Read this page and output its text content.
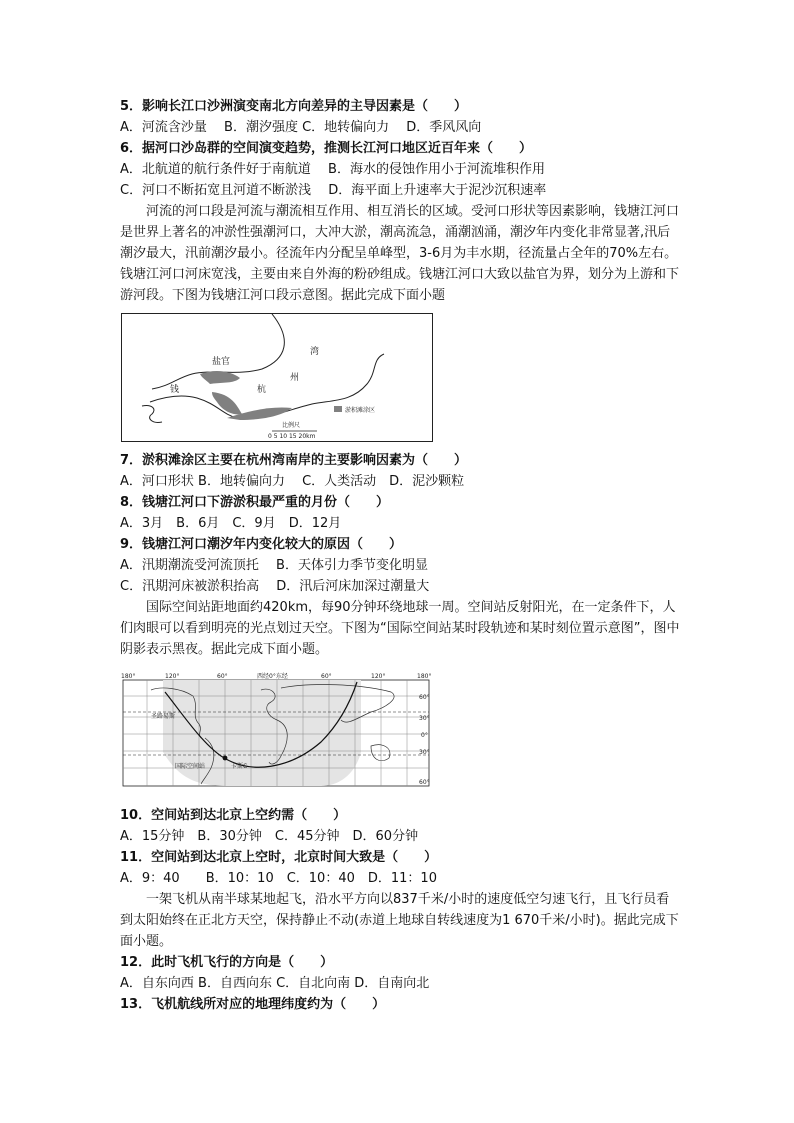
5．影响长江口沙洲演变南北方向差异的主导因素是（　　）
A．河流含沙量　 B．潮汐强度 C．地转偏向力　 D．季风风向
6．据河口沙岛群的空间演变趋势，推测长江河口地区近百年来（　　）
A．北航道的航行条件好于南航道　 B．海水的侵蚀作用小于河流堆积作用
C．河口不断拓宽且河道不断淤浅　 D．海平面上升速率大于泥沙沉积速率
河流的河口段是河流与潮流相互作用、相互消长的区域。受河口形状等因素影响，钱塘江河口是世界上著名的冲淤性强潮河口，大冲大淤，潮高流急，涌潮汹涌，潮汐年内变化非常显著,汛后潮汐最大，汛前潮汐最小。径流年内分配呈单峰型，3-6月为丰水期，径流量占全年的70%左右。钱塘江河口河床宽浅，主要由来自外海的粉砂组成。钱塘江河口大致以盐官为界，划分为上游和下游河段。下图为钱塘江河口段示意图。据此完成下面小题
盐官
钱	杭
州
湾
淤积滩涂区
比例尺
0 5 10 15 20km
7．淤积滩涂区主要在杭州湾南岸的主要影响因素为（　　）
A．河口形状 B．地转偏向力　 C．人类活动　D．泥沙颗粒
8．钱塘江河口下游淤积最严重的月份（　　）
A．3月　B．6月　C．9月　D．12月
9．钱塘江河口潮汐年内变化较大的原因（　　）
A．汛期潮流受河流顶托　 B．天体引力季节变化明显
C．汛期河床被淤积抬高　 D．汛后河床加深过潮量大
国际空间站距地面约420km，每90分钟环绕地球一周。空间站反射阳光，在一定条件下，人们肉眼可以看到明亮的光点划过天空。下图为“国际空间站某时段轨迹和某时刻位置示意图”，图中阴影表示黑夜。据此完成下面小题。
180°	120°	60°	西经0°东经	60°	120°	180°
60°
30°
0°
30°
60°
圣路易斯
国际空间站	卡斯C
10．空间站到达北京上空约需（　　）
A．15分钟　B．30分钟　C．45分钟　D．60分钟
11．空间站到达北京上空时，北京时间大致是（　　）
A．9：40　　B．10：10　C．10：40　D．11：10
一架飞机从南半球某地起飞，沿水平方向以837千米/小时的速度低空匀速飞行，且飞行员看到太阳始终在正北方天空，保持静止不动(赤道上地球自转线速度为1 670千米/小时)。据此完成下面小题。
12．此时飞机飞行的方向是（　　）
A．自东向西 B．自西向东 C．自北向南 D．自南向北
13．飞机航线所对应的地理纬度约为（　　）
